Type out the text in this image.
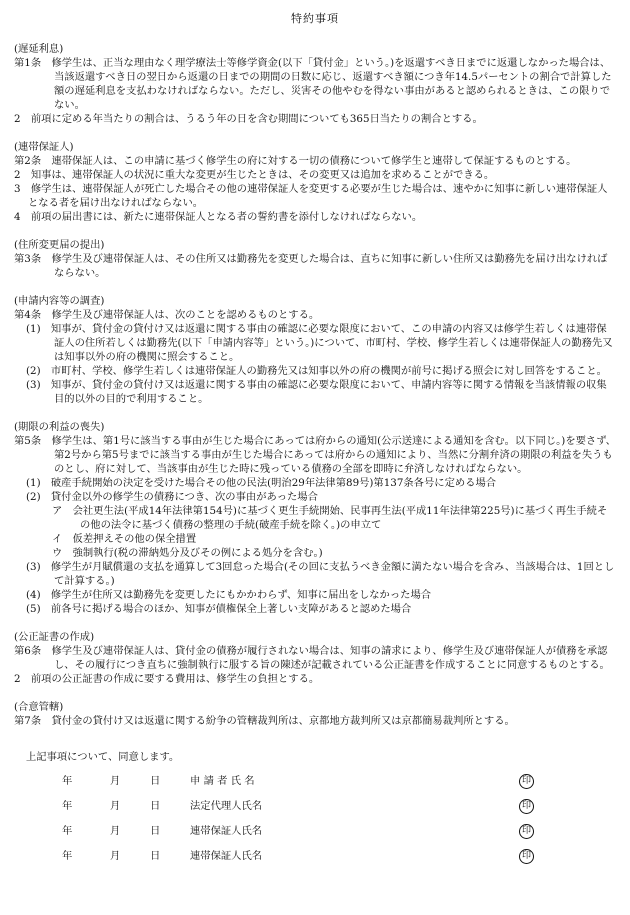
特約事項
(遅延利息)
第1条　修学生は、正当な理由なく理学療法士等修学資金(以下「貸付金」という。)を返還すべき日までに返還しなかった場合は、当該返還すべき日の翌日から返還の日までの期間の日数に応じ、返還すべき額につき年14.5パーセントの割合で計算した額の遅延利息を支払わなければならない。ただし、災害その他やむを得ない事由があると認められるときは、この限りでない。
2　前項に定める年当たりの割合は、うるう年の日を含む期間についても365日当たりの割合とする。
(連帯保証人)
第2条　連帯保証人は、この申請に基づく修学生の府に対する一切の債務について修学生と連帯して保証するものとする。
2　知事は、連帯保証人の状況に重大な変更が生じたときは、その変更又は追加を求めることができる。
3　修学生は、連帯保証人が死亡した場合その他の連帯保証人を変更する必要が生じた場合は、速やかに知事に新しい連帯保証人となる者を届け出なければならない。
4　前項の届出書には、新たに連帯保証人となる者の誓約書を添付しなければならない。
(住所変更届の提出)
第3条　修学生及び連帯保証人は、その住所又は勤務先を変更した場合は、直ちに知事に新しい住所又は勤務先を届け出なければならない。
(申請内容等の調査)
第4条　修学生及び連帯保証人は、次のことを認めるものとする。
(1)　知事が、貸付金の貸付け又は返還に関する事由の確認に必要な限度において、この申請の内容又は修学生若しくは連帯保証人の住所若しくは勤務先(以下「申請内容等」という。)について、市町村、学校、修学生若しくは連帯保証人の勤務先又は知事以外の府の機関に照会すること。
(2)　市町村、学校、修学生若しくは連帯保証人の勤務先又は知事以外の府の機関が前号に掲げる照会に対し回答をすること。
(3)　知事が、貸付金の貸付け又は返還に関する事由の確認に必要な限度において、申請内容等に関する情報を当該情報の収集目的以外の目的で利用すること。
(期限の利益の喪失)
第5条　修学生は、第1号に該当する事由が生じた場合にあっては府からの通知(公示送達による通知を含む。以下同じ。)を要さず、第2号から第5号までに該当する事由が生じた場合にあっては府からの通知により、当然に分割弁済の期限の利益を失うものとし、府に対して、当該事由が生じた時に残っている債務の全部を即時に弁済しなければならない。
(1)　破産手続開始の決定を受けた場合その他の民法(明治29年法律第89号)第137条各号に定める場合
(2)　貸付金以外の修学生の債務につき、次の事由があった場合
ア　会社更生法(平成14年法律第154号)に基づく更生手続開始、民事再生法(平成11年法律第225号)に基づく再生手続その他の法令に基づく債務の整理の手続(破産手続を除く。)の申立て
イ　仮差押えその他の保全措置
ウ　強制執行(税の滞納処分及びその例による処分を含む。)
(3)　修学生が月賦償還の支払を通算して3回怠った場合(その回に支払うべき金額に満たない場合を含み、当該場合は、1回として計算する。)
(4)　修学生が住所又は勤務先を変更したにもかかわらず、知事に届出をしなかった場合
(5)　前各号に掲げる場合のほか、知事が債権保全上著しい支障があると認めた場合
(公正証書の作成)
第6条　修学生及び連帯保証人は、貸付金の債務が履行されない場合は、知事の請求により、修学生及び連帯保証人が債務を承認し、その履行につき直ちに強制執行に服する旨の陳述が記載されている公正証書を作成することに同意するものとする。
2　前項の公正証書の作成に要する費用は、修学生の負担とする。
(合意管轄)
第7条　貸付金の貸付け又は返還に関する紛争の管轄裁判所は、京都地方裁判所又は京都簡易裁判所とする。
上記事項について、同意します。
年	月	日	申 請 者 氏 名	印
年	月	日	法定代理人氏名	印
年	月	日	連帯保証人氏名	印
年	月	日	連帯保証人氏名	印
